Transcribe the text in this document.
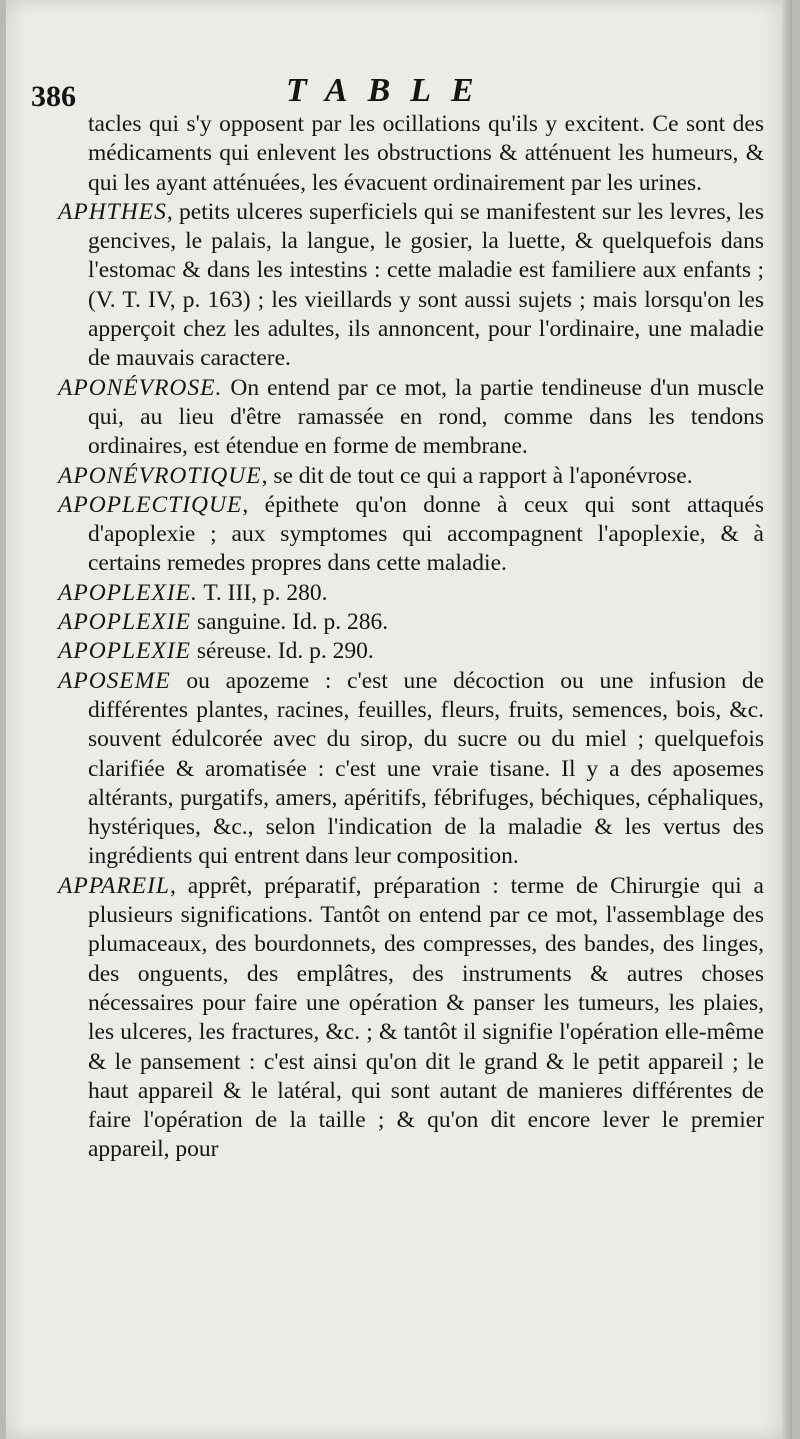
386	TABLE

tacles qui s'y opposent par les ocillations qu'ils y excitent. Ce sont des médicaments qui enlevent les obstructions & atténuent les humeurs, & qui les ayant atténuées, les évacuent ordinairement par les urines.

APHTHES, petits ulceres superficiels qui se manifestent sur les levres, les gencives, le palais, la langue, le gosier, la luette, & quelquefois dans l'estomac & dans les intestins : cette maladie est familiere aux enfants ; (V. T. IV, p. 163) ; les vieillards y sont aussi sujets ; mais lorsqu'on les apperçoit chez les adultes, ils annoncent, pour l'ordinaire, une maladie de mauvais caractere.

APONÉVROSE. On entend par ce mot, la partie tendineuse d'un muscle qui, au lieu d'être ramassée en rond, comme dans les tendons ordinaires, est étendue en forme de membrane.

APONÉVROTIQUE, se dit de tout ce qui a rapport à l'aponévrose.

APOPLECTIQUE, épithete qu'on donne à ceux qui sont attaqués d'apoplexie ; aux symptomes qui accompagnent l'apoplexie, & à certains remedes propres dans cette maladie.

APOPLEXIE. T. III, p. 280.

APOPLEXIE sanguine. Id. p. 286.

APOPLEXIE séreuse. Id. p. 290.

APOSEME ou apozeme : c'est une décoction ou une infusion de différentes plantes, racines, feuilles, fleurs, fruits, semences, bois, &c. souvent édulcorée avec du sirop, du sucre ou du miel ; quelquefois clarifiée & aromatisée : c'est une vraie tisane. Il y a des aposemes altérants, purgatifs, amers, apéritifs, fébrifuges, béchiques, céphaliques, hystériques, &c., selon l'indication de la maladie & les vertus des ingrédients qui entrent dans leur composition.

APPAREIL, apprêt, préparatif, préparation : terme de Chirurgie qui a plusieurs significations. Tantôt on entend par ce mot, l'assemblage des plumaceaux, des bourdonnets, des compresses, des bandes, des linges, des onguents, des emplâtres, des instruments & autres choses nécessaires pour faire une opération & panser les tumeurs, les plaies, les ulceres, les fractures, &c. ; & tantôt il signifie l'opération elle-même & le pansement : c'est ainsi qu'on dit le grand & le petit appareil ; le haut appareil & le latéral, qui sont autant de manieres différentes de faire l'opération de la taille ; & qu'on dit encore lever le premier appareil, pour
